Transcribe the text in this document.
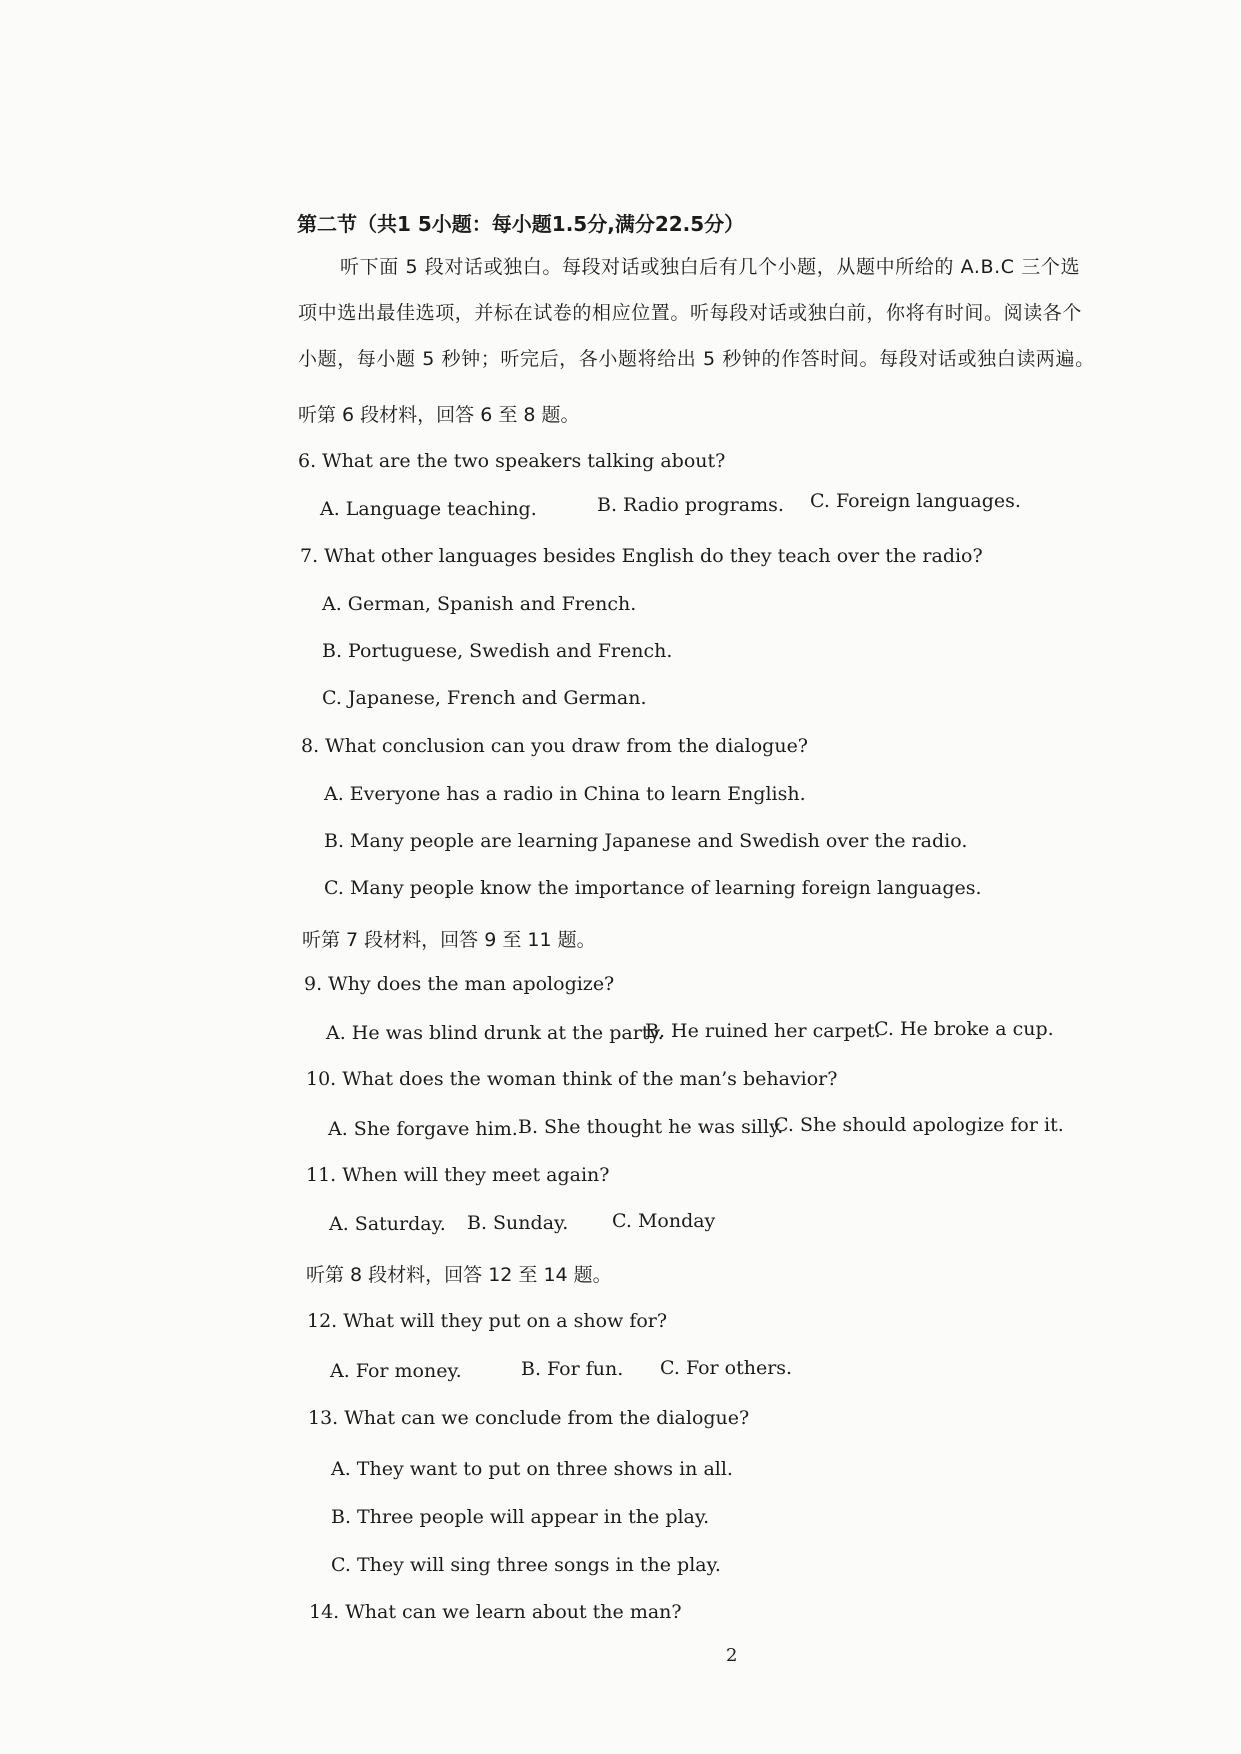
第二节（共1 5小题：每小题1.5分,满分22.5分）
听下面 5 段对话或独白。每段对话或独白后有几个小题，从题中所给的 A.B.C 三个选
项中选出最佳选项，并标在试卷的相应位置。听每段对话或独白前，你将有时间。阅读各个
小题，每小题 5 秒钟；听完后，各小题将给出 5 秒钟的作答时间。每段对话或独白读两遍。
听第 6 段材料，回答 6 至 8 题。
6. What are the two speakers talking about?
A. Language teaching.	B. Radio programs. C. Foreign languages.
7. What other languages besides English do they teach over the radio?
A. German, Spanish and French.
B. Portuguese, Swedish and French.
C. Japanese, French and German.
8. What conclusion can you draw from the dialogue?
A. Everyone has a radio in China to learn English.
B. Many people are learning Japanese and Swedish over the radio.
C. Many people know the importance of learning foreign languages.
听第 7 段材料，回答 9 至 11 题。
9. Why does the man apologize?
A. He was blind drunk at the party.
B. He ruined her carpet.
C. He broke a cup.
10. What does the woman think of the man’s behavior?
A. She forgave him. B. She thought he was silly.
C. She should apologize for it.
11. When will they meet again?
A. Saturday. B. Sunday. C. Monday
听第 8 段材料，回答 12 至 14 题。
12. What will they put on a show for?
A. For money.	B. For fun. C. For others.
13. What can we conclude from the dialogue?
A. They want to put on three shows in all.
B. Three people will appear in the play.
C. They will sing three songs in the play.
14. What can we learn about the man?
2
